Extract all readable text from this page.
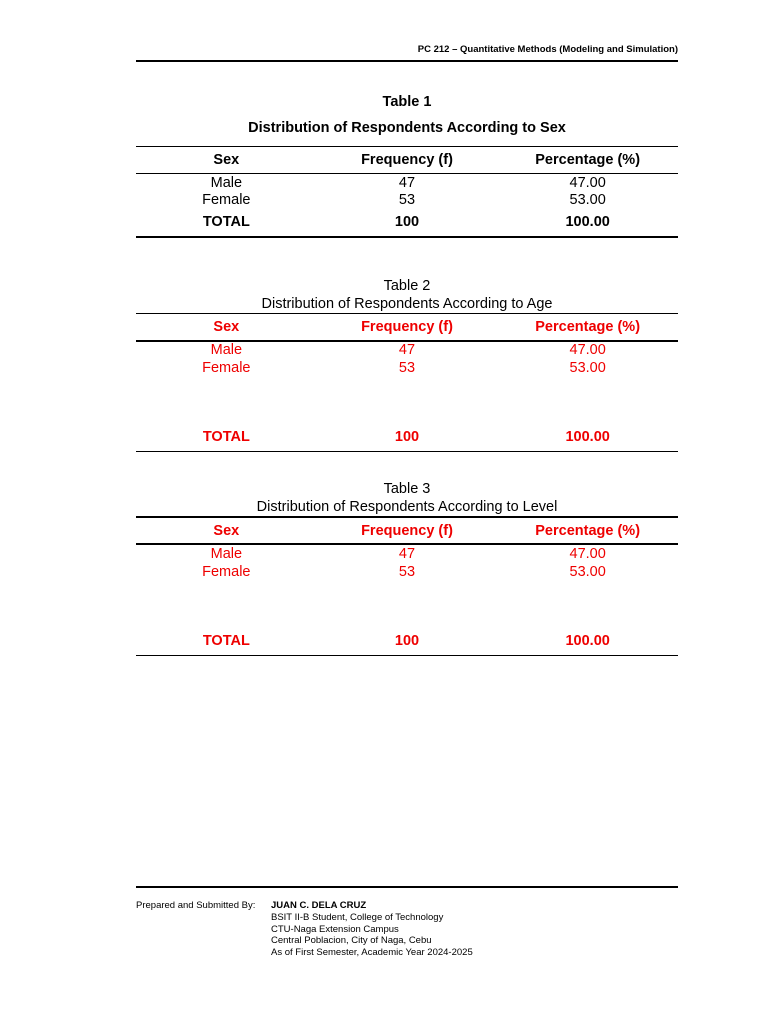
PC 212 – Quantitative Methods (Modeling and Simulation)
Table 1
Distribution of Respondents According to Sex
Sex	Frequency (f)	Percentage (%)
Male	47	47.00
Female	53	53.00
TOTAL	100	100.00
Table 2
Distribution of Respondents According to Age
Sex	Frequency (f)	Percentage (%)
Male	47	47.00
Female	53	53.00

TOTAL	100	100.00
Table 3
Distribution of Respondents According to Level
Sex	Frequency (f)	Percentage (%)
Male	47	47.00
Female	53	53.00

TOTAL	100	100.00
Prepared and Submitted By: JUAN C. DELA CRUZ
BSIT II-B Student, College of Technology
CTU-Naga Extension Campus
Central Poblacion, City of Naga, Cebu
As of First Semester, Academic Year 2024-2025
